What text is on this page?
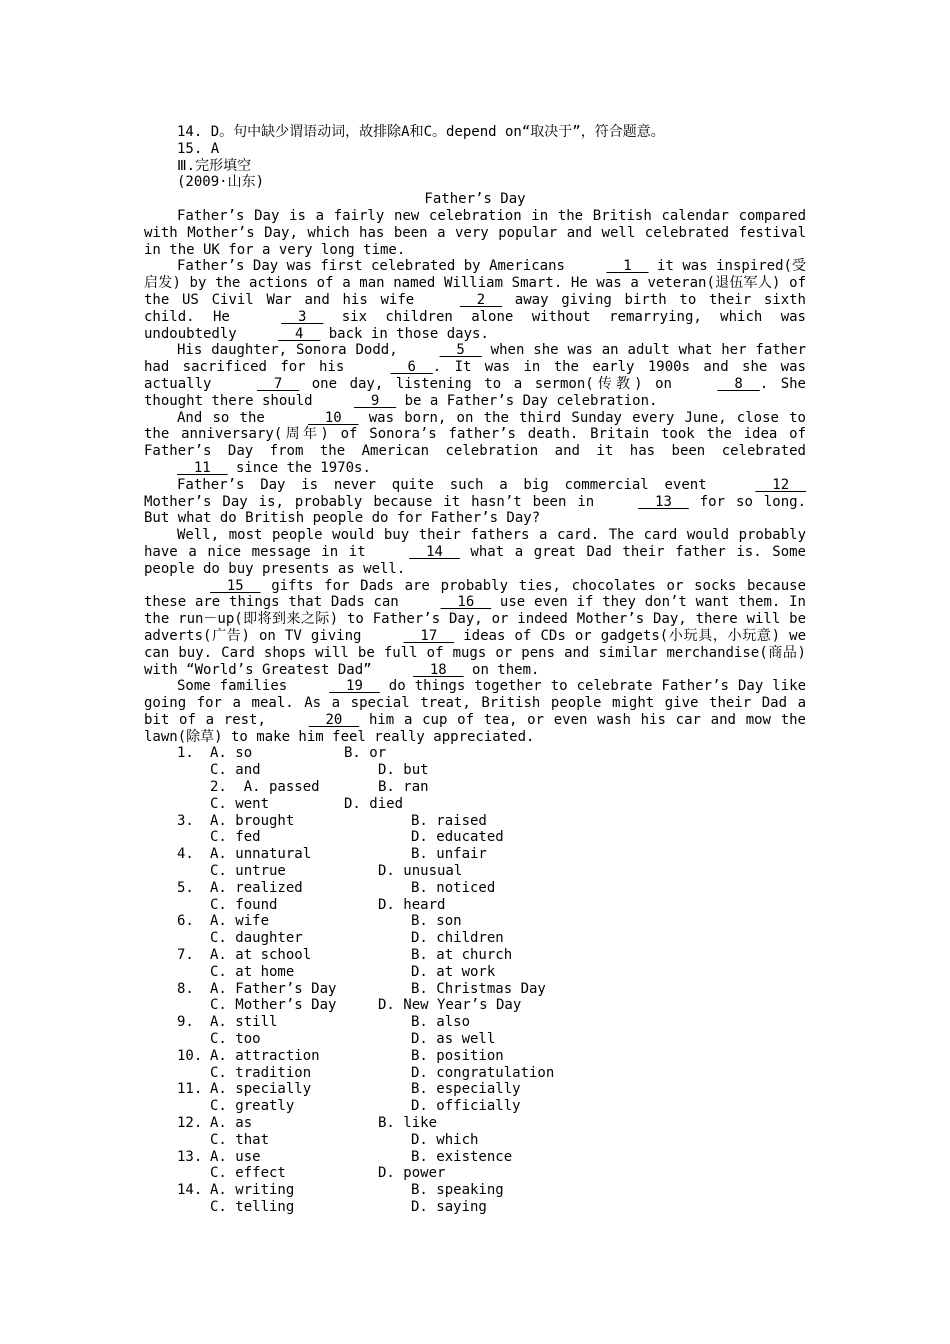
14. D。句中缺少谓语动词，故排除A和C。depend on“取决于”，符合题意。
15. A
Ⅲ.完形填空
(2009·山东)
Father’s Day

Father’s Day is a fairly new celebration in the British calendar compared with Mother’s Day, which has been a very popular and well celebrated festival in the UK for a very long time.

Father’s Day was first celebrated by Americans   1   it was inspired(受启发) by the actions of a man named William Smart. He was a veteran(退伍军人) of the US Civil War and his wife   2   away giving birth to their sixth child. He   3   six children alone without remarrying, which was undoubtedly   4   back in those days.

His daughter, Sonora Dodd,   5   when she was an adult what her father had sacrificed for his   6  . It was in the early 1900s and she was actually   7   one day, listening to a sermon(传教) on   8  . She thought there should   9   be a Father’s Day celebration.

And so the   10   was born, on the third Sunday every June, close to the anniversary(周年) of Sonora’s father’s death. Britain took the idea of Father’s Day from the American celebration and it has been celebrated   11   since the 1970s.

Father’s Day is never quite such a big commercial event   12   Mother’s Day is, probably because it hasn’t been in   13   for so long. But what do British people do for Father’s Day?

Well, most people would buy their fathers a card. The card would probably have a nice message in it   14   what a great Dad their father is. Some people do buy presents as well.

15   gifts for Dads are probably ties, chocolates or socks because these are things that Dads can   16   use even if they don’t want them. In the run－up(即将到来之际) to Father’s Day, or indeed Mother’s Day, there will be adverts(广告) on TV giving   17   ideas of CDs or gadgets(小玩具，小玩意) we can buy. Card shops will be full of mugs or pens and similar merchandise(商品) with “World’s Greatest Dad”   18   on them.

Some families   19   do things together to celebrate Father’s Day like going for a meal. As a special treat, British people might give their Dad a bit of a rest,   20   him a cup of tea, or even wash his car and mow the lawn(除草) to make him feel really appreciated.

1. A. so	B. or
C. and	D. but
2.  A. passed	B. ran
C. went	D. died
3. A. brought	B. raised
C. fed	D. educated
4. A. unnatural	B. unfair
C. untrue	D. unusual
5. A. realized	B. noticed
C. found	D. heard
6. A. wife	B. son
C. daughter	D. children
7. A. at school	B. at church
C. at home	D. at work
8. A. Father’s Day	B. Christmas Day
C. Mother’s Day	D. New Year’s Day
9. A. still	B. also
C. too	D. as well
10. A. attraction	B. position
C. tradition	D. congratulation
11. A. specially	B. especially
C. greatly	D. officially
12. A. as	B. like
C. that	D. which
13. A. use	B. existence
C. effect	D. power
14. A. writing	B. speaking
C. telling	D. saying
